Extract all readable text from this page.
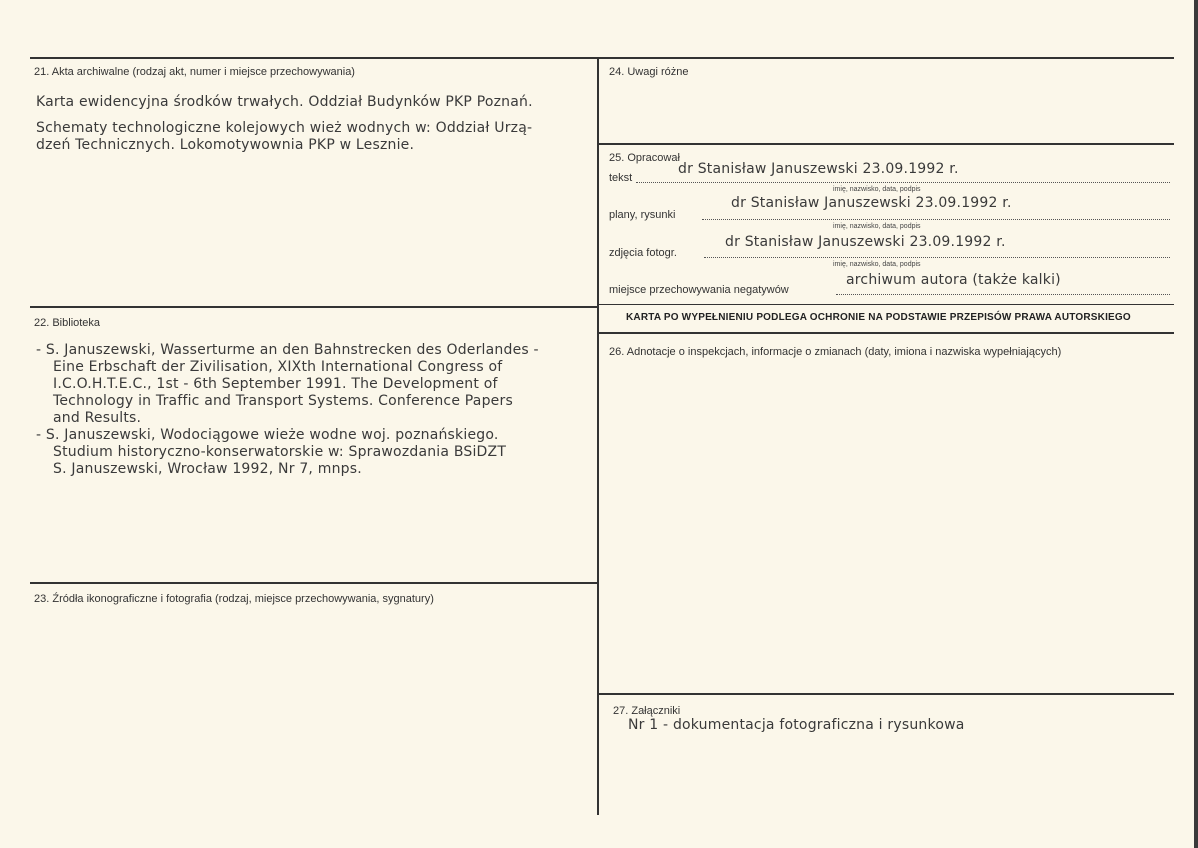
21. Akta archiwalne (rodzaj akt, numer i miejsce przechowywania)
Karta ewidencyjna środków trwałych. Oddział Budynków PKP Poznań.
Schematy technologiczne kolejowych wież wodnych w: Oddział Urzą-
dzeń Technicznych. Lokomotywownia PKP w Lesznie.
22. Biblioteka
- S. Januszewski, Wasserturme an den Bahnstrecken des Oderlandes -
Eine Erbschaft der Zivilisation, XIXth International Congress of
I.C.O.H.T.E.C., 1st - 6th September 1991. The Development of
Technology in Traffic and Transport Systems. Conference Papers
and Results.
- S. Januszewski, Wodociągowe wieże wodne woj. poznańskiego.
Studium historyczno-konserwatorskie w: Sprawozdania BSiDZT
S. Januszewski, Wrocław 1992, Nr 7, mnps.
23. Źródła ikonograficzne i fotografia (rodzaj, miejsce przechowywania, sygnatury)
24. Uwagi różne
25. Opracował
tekst
dr Stanisław Januszewski 23.09.1992 r.
imię, nazwisko, data, podpis
plany, rysunki
dr Stanisław Januszewski 23.09.1992 r.
imię, nazwisko, data, podpis
zdjęcia fotogr.
dr Stanisław Januszewski 23.09.1992 r.
imię, nazwisko, data, podpis
miejsce przechowywania negatywów
archiwum autora (także kalki)
KARTA PO WYPEŁNIENIU PODLEGA OCHRONIE NA PODSTAWIE PRZEPISÓW PRAWA AUTORSKIEGO
26. Adnotacje o inspekcjach, informacje o zmianach (daty, imiona i nazwiska wypełniających)
27. Załączniki
Nr 1 - dokumentacja fotograficzna i rysunkowa
